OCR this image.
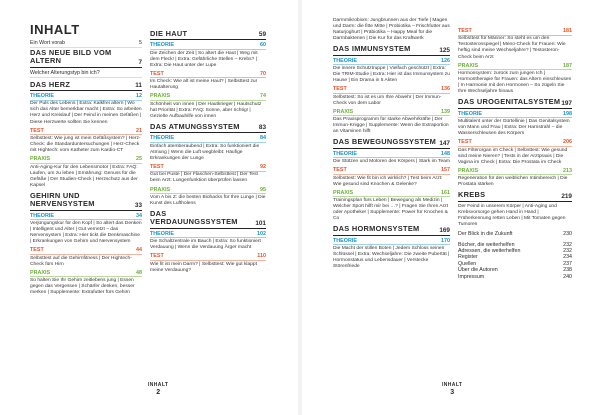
INHALT
Ein Wort vorab	5
DAS NEUE BILD VOM ALTERN	7
Welcher Alterungstyp bin ich?
DAS HERZ	11
THEORIE	12
Der Puls des Lebens | Extra: Kalkfrei altern | Wo sich das Alter bemerkbar macht | Extra: So arbeiten Herz und Kreislauf | Der Feind in meinen Gefäßen | Diese Herzwerte sollten Sie kennen
TEST	21
Selbsttest: Wie jung ist mein Gefäßsystem? | Herz-Check: die Standarduntersuchungen | Herz-Check mit Hightech: vom Katheter zum Kardio-CT
PRAXIS	25
Anti-Aging-Kur für den Lebensmotor | Extra: FAQ: Laufen, um zu leben | Ernährung: Genuss für die Gefäße | Der Studien-Check | Herzschutz aus der Kapsel
GEHIRN UND
NERVENSYSTEM	33
THEORIE	34
Verjüngungskur für den Kopf | So altert das Denken | Intelligent und Alter | Gut vernetzt – das Nervensystem | Extra: Hier tickt die Denkmaschine | Erkrankungen von Gehirn und Nervensystem
TEST	44
Selbsttest auf die Gehirnfitness | Der Hightech-Check fürs Hirn
PRAXIS	48
So halten Sie Ihr Gehirn zeitlebens jung | Essen gegen das Vergessen | Schärfer denken, besser merken | Supplemente: Extrafutter fürs Gehirn
DIE HAUT	59
THEORIE	60
Die Zeichen der Zeit | So altert die Haut | Weg mit dem Fleck! | Extra: Gefährliche Stellen – Krebs? | Extra: Die Haut unter der Lupe
TEST	70
Im Check: Wie alt ist meine Haut? | Selbsttest zur Hautalterung
PRAXIS	74
Schönheit von innen | Der Hautkrieger | Hautschutz hat Priorität | Extra: FAQ: Sonne, aber richtig! | Gezielte Aufbauhilfe von innen
DAS ATMUNGSSYSTEM	83
THEORIE	84
Einfach atemberaubend | Extra: So funktioniert die Atmung | Wenn die Luft wegbleibt: Häufige Erkrankungen der Lunge
TEST	92
Gut bei Puste | Der Flaschen-Selbsttest | Der Test beim Arzt: Lungenfunktion überprüfen lassen
PRAXIS	95
Vom A bis Z: die besten Biohacks für Ihre Lunge | Die Kunst des Luftholens
DAS VERDAUUNGSSYSTEM	101
THEORIE	102
Die Schaltzentrale im Bauch | Extra: So funktioniert Verdauung | Wenn die Verdauung Ärger macht
TEST	110
Wie fit ist mein Darm? | Selbsttest: Wie gut klappt meine Verdauung?
INHALT
2
Darmmikrobiom: Jungbrunnen aus der Tiefe | Magen und Darm: die fitte Mitte | Probiotika – Frischfutter aus Naturjoghurt | Präbiotika – Happy Meal für die Darmbakterien | Die Kur für das Kraftwerk
DAS IMMUNSYSTEM	125
THEORIE	126
Die innere Schutztruppe | Vielfach geschützt | Extra: Die TRIM-Studie | Extra: Hier ist das Immunsystem zu Hause | Ein Drama in 5 Akten
TEST	136
Selbsttest: So ist es um Ihre Abwehr | Der Immun-Check von dem Labor
PRAXIS	139
Das Praxisprogramm für starke Abwehrkräfte | Der Immun-Knigge | Supplemente: Wenn die Extraportion an Vitaminen hilft
DAS BEWEGUNGSSYSTEM 147
THEORIE	148
Die Stützen und Motoren des Körpers | Stark im Team
TEST	157
Selbsttest: Wie fit bin ich wirklich? | Test beim Arzt: Wie gesund sind Knochen & Gelenke?
PRAXIS	161
Trainingsplan fürs Leben | Bewegung als Medizin | Welcher Sport hilft mir bei …? | Fragen Sie Ihren Arzt oder Apotheker | Supplemente: Power für Knochen & Co
DAS HORMONSYSTEM	169
THEORIE	170
Die Macht der stillen Boten | Jedem Schloss seinen Schlüssel | Extra: Wechseljahre: Die zweite Pubertät | Hormonstatus und Lebensdauer | Verstecke Störenfriede
TEST	181
Selbsttest für Männer: So steht es um den Testosteronspiegel | Meno-Check für Frauen: Wie heftig sind meine Wechseljahre? | Testosteron-Check beim Arzt
PRAXIS	187
Hormonsystem: zurück zum jungen Ich | Hormontherapie für Frauen: das Altern einschleusen | In Harmonie mit den Hormonen – So zügeln Sie Ihre Wechseljahre hinaus
DAS UROGENITALSYSTEM 197
THEORIE	198
Multitalent unter der Gürtellinie | Das Genitalsystem von Mann und Frau | Extra: Der Harnstrahl – die Wasserschleusen des Körpers
TEST	206
Das Filterorgan im Check | Selbsttest: Wie gesund sind meine Nieren? | Tests in der Arztpraxis | Die Vagina im Check | Extra: Die Prostata im Check
PRAXIS	213
Regeneration für den weiblichen Intimbereich | Die Prostata stärken
KREBS	219
Der Feind in unserem Körper | Anti-Aging und Krebsvorsorge gehen Hand in Hand | Früherkennung retten Leben | Mit Tomaten gegen Tumoren
Der Blick in die Zukunft	230
Bücher, die weiterhelfen	232
Adressen, die weiterhelfen	232
Register	234
Quellen	237
Über die Autoren	238
Impressum	240
INHALT
3
